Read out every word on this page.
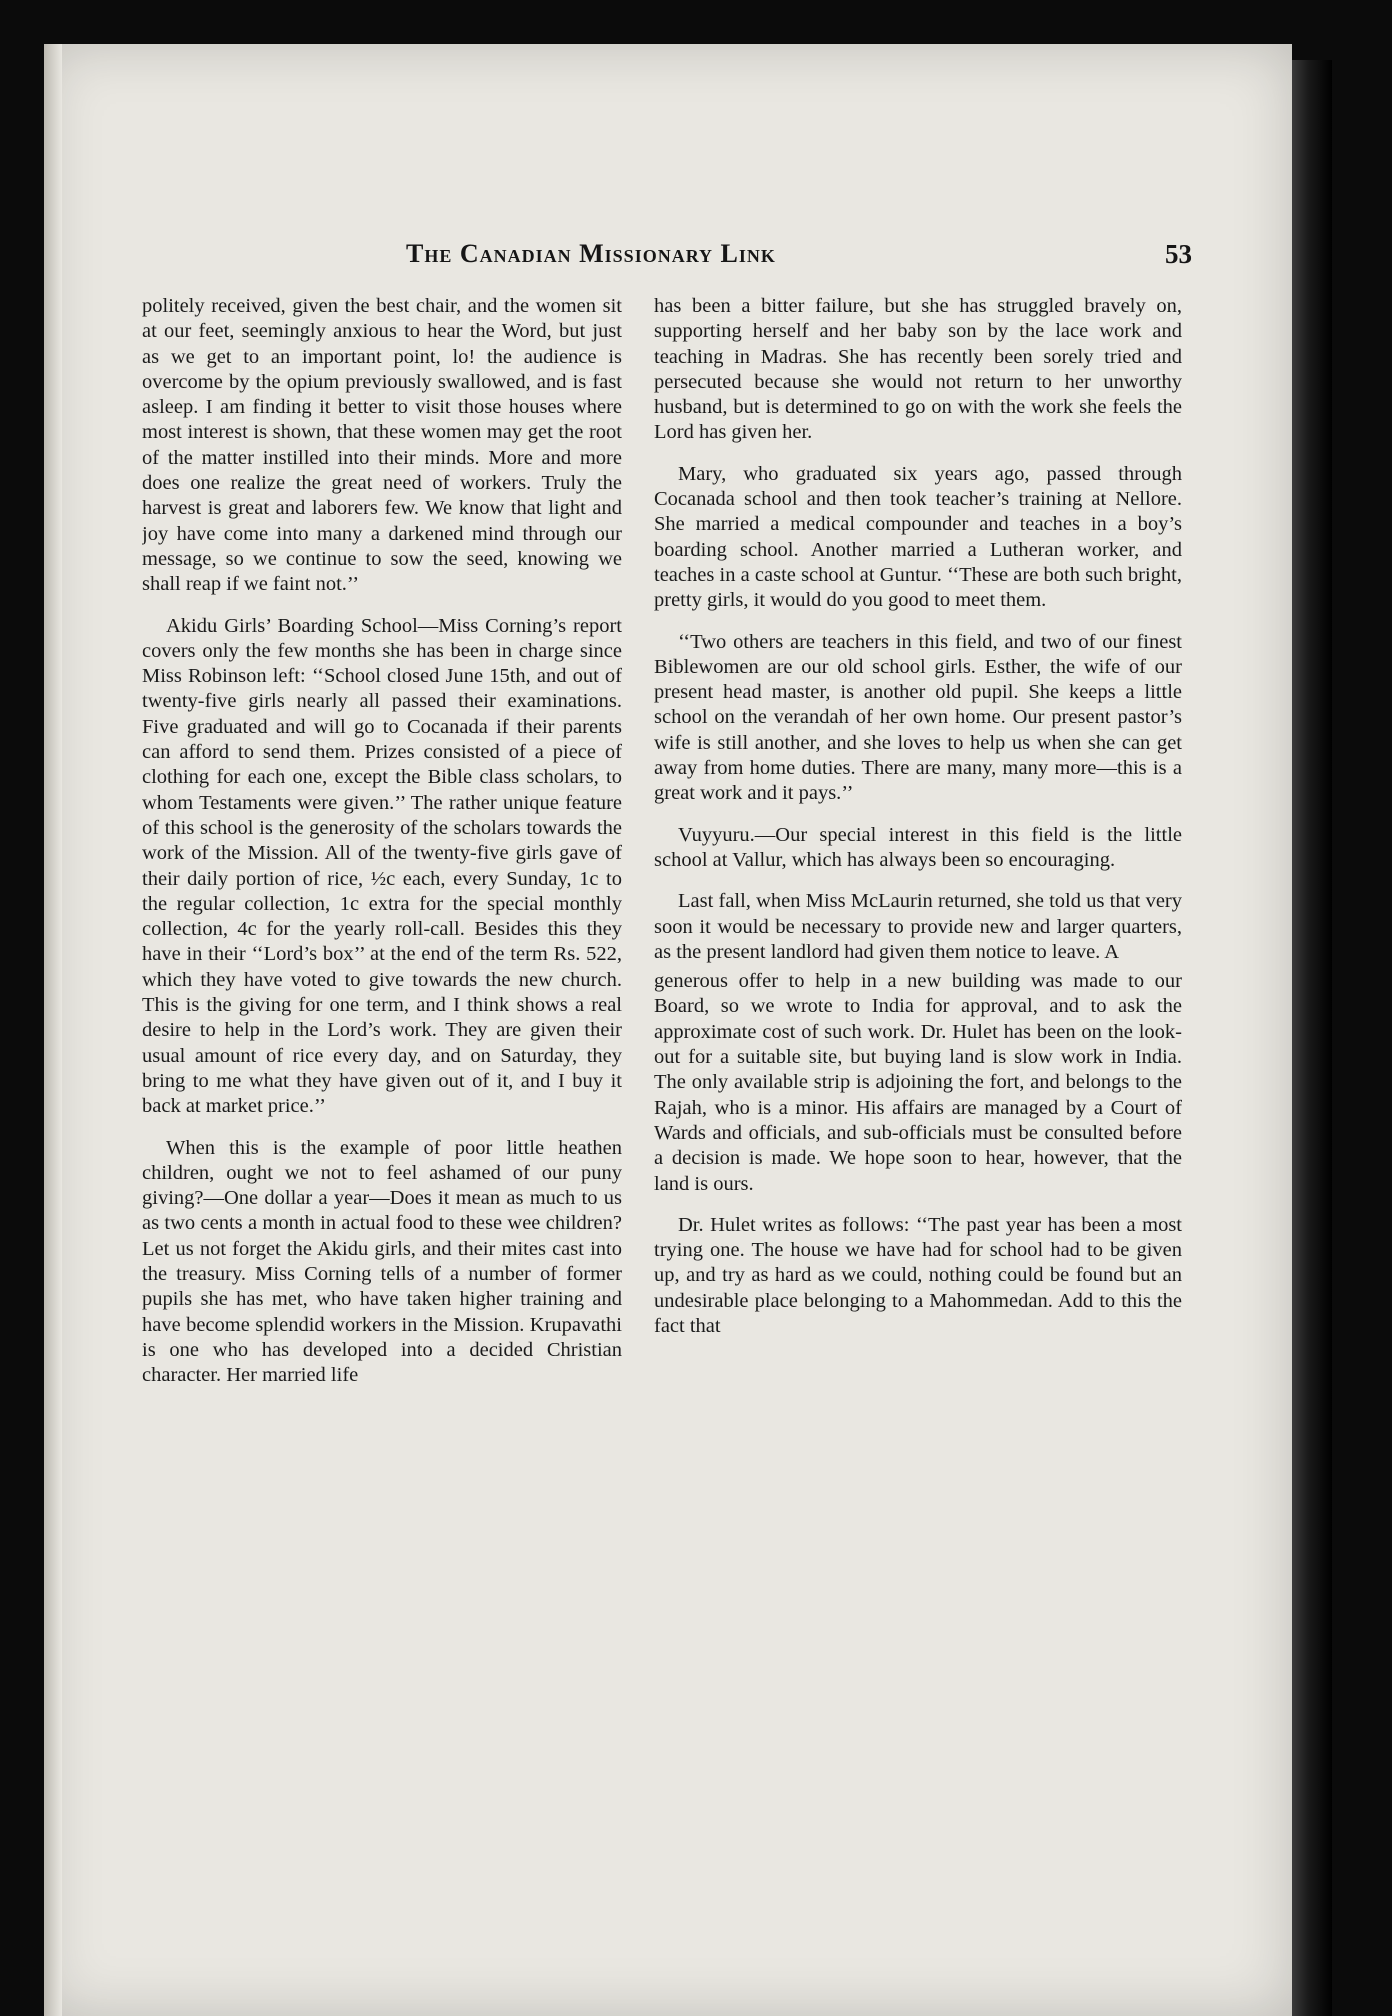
The Canadian Missionary Link	53

politely received, given the best chair, and the women sit at our feet, seemingly anxious to hear the Word, but just as we get to an important point, lo! the audience is overcome by the opium previously swallowed, and is fast asleep. I am finding it better to visit those houses where most interest is shown, that these women may get the root of the matter instilled into their minds. More and more does one realize the great need of workers. Truly the harvest is great and laborers few. We know that light and joy have come into many a darkened mind through our message, so we continue to sow the seed, knowing we shall reap if we faint not.’’

Akidu Girls’ Boarding School—Miss Corning’s report covers only the few months she has been in charge since Miss Robinson left: ‘‘School closed June 15th, and out of twenty-five girls nearly all passed their examinations. Five graduated and will go to Cocanada if their parents can afford to send them. Prizes consisted of a piece of clothing for each one, except the Bible class scholars, to whom Testaments were given.’’ The rather unique feature of this school is the generosity of the scholars towards the work of the Mission. All of the twenty-five girls gave of their daily portion of rice, ½c each, every Sunday, 1c to the regular collection, 1c extra for the special monthly collection, 4c for the yearly roll-call. Besides this they have in their ‘‘Lord’s box’’ at the end of the term Rs. 522, which they have voted to give towards the new church. This is the giving for one term, and I think shows a real desire to help in the Lord’s work. They are given their usual amount of rice every day, and on Saturday, they bring to me what they have given out of it, and I buy it back at market price.’’

When this is the example of poor little heathen children, ought we not to feel ashamed of our puny giving?—One dollar a year—Does it mean as much to us as two cents a month in actual food to these wee children? Let us not forget the Akidu girls, and their mites cast into the treasury. Miss Corning tells of a number of former pupils she has met, who have taken higher training and have become splendid workers in the Mission. Krupavathi is one who has developed into a decided Christian character. Her married life

has been a bitter failure, but she has struggled bravely on, supporting herself and her baby son by the lace work and teaching in Madras. She has recently been sorely tried and persecuted because she would not return to her unworthy husband, but is determined to go on with the work she feels the Lord has given her.

Mary, who graduated six years ago, passed through Cocanada school and then took teacher’s training at Nellore. She married a medical compounder and teaches in a boy’s boarding school. Another married a Lutheran worker, and teaches in a caste school at Guntur. ‘‘These are both such bright, pretty girls, it would do you good to meet them.

‘‘Two others are teachers in this field, and two of our finest Biblewomen are our old school girls. Esther, the wife of our present head master, is another old pupil. She keeps a little school on the verandah of her own home. Our present pastor’s wife is still another, and she loves to help us when she can get away from home duties. There are many, many more—this is a great work and it pays.’’

Vuyyuru.—Our special interest in this field is the little school at Vallur, which has always been so encouraging.

Last fall, when Miss McLaurin returned, she told us that very soon it would be necessary to provide new and larger quarters, as the present landlord had given them notice to leave. A

generous offer to help in a new building was made to our Board, so we wrote to India for approval, and to ask the approximate cost of such work. Dr. Hulet has been on the look-out for a suitable site, but buying land is slow work in India. The only available strip is adjoining the fort, and belongs to the Rajah, who is a minor. His affairs are managed by a Court of Wards and officials, and sub-officials must be consulted before a decision is made. We hope soon to hear, however, that the land is ours.

Dr. Hulet writes as follows: ‘‘The past year has been a most trying one. The house we have had for school had to be given up, and try as hard as we could, nothing could be found but an undesirable place belonging to a Mahommedan. Add to this the fact that
